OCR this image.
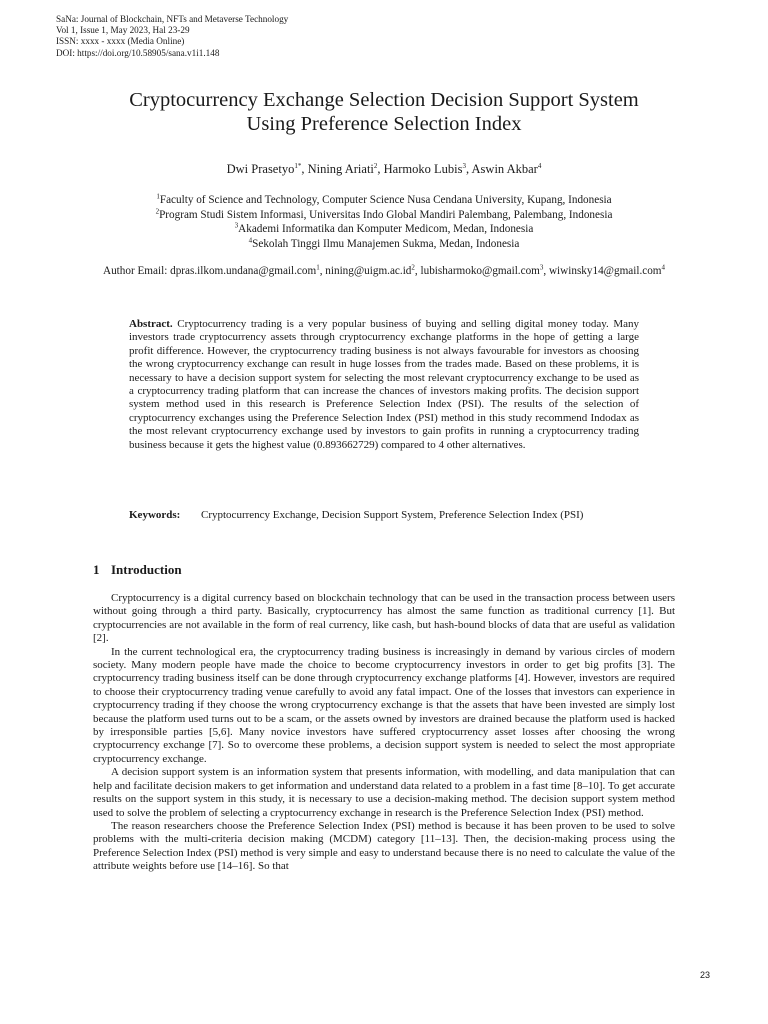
SaNa: Journal of Blockchain, NFTs and Metaverse Technology
Vol 1, Issue 1, May 2023, Hal 23-29
ISSN: xxxx - xxxx (Media Online)
DOI: https://doi.org/10.58905/sana.v1i1.148
Cryptocurrency Exchange Selection Decision Support System
Using Preference Selection Index
Dwi Prasetyo$^{1*}$, Nining Ariati$^2$, Harmoko Lubis$^3$, Aswin Akbar$^4$
$^1$Faculty of Science and Technology, Computer Science Nusa Cendana University, Kupang, Indonesia
$^2$Program Studi Sistem Informasi, Universitas Indo Global Mandiri Palembang, Palembang, Indonesia
$^3$Akademi Informatika dan Komputer Medicom, Medan, Indonesia
$^4$Sekolah Tinggi Ilmu Manajemen Sukma, Medan, Indonesia
Author Email: dpras.ilkom.undana@gmail.com$^1$, $nining@uigm.ac.id^2$, lubisharmoko@gmail.com$^3$, wiwinsky14@gmail.com$^4$
Abstract. Cryptocurrency trading is a very popular business of buying and selling digital money today. Many investors trade cryptocurrency assets through cryptocurrency exchange platforms in the hope of getting a large profit difference. However, the cryptocurrency trading business is not always favourable for investors as choosing the wrong cryptocurrency exchange can result in huge losses from the trades made. Based on these problems, it is necessary to have a decision support system for selecting the most relevant cryptocurrency exchange to be used as a cryptocurrency trading platform that can increase the chances of investors making profits. The decision support system method used in this research is Preference Selection Index (PSI). The results of the selection of cryptocurrency exchanges using the Preference Selection Index (PSI) method in this study recommend Indodax as the most relevant cryptocurrency exchange used by investors to gain profits in running a cryptocurrency trading business because it gets the highest value (0.893662729) compared to 4 other alternatives.
Keywords:	Cryptocurrency Exchange, Decision Support System, Preference Selection Index (PSI)
1 Introduction

Cryptocurrency is a digital currency based on blockchain technology that can be used in the transaction process between users without going through a third party. Basically, cryptocurrency has almost the same function as traditional currency [1]. But cryptocurrencies are not available in the form of real currency, like cash, but hash-bound blocks of data that are useful as validation [2].

In the current technological era, the cryptocurrency trading business is increasingly in demand by various circles of modern society. Many modern people have made the choice to become cryptocurrency investors in order to get big profits [3]. The cryptocurrency trading business itself can be done through cryptocurrency exchange platforms [4]. However, investors are required to choose their cryptocurrency trading venue carefully to avoid any fatal impact. One of the losses that investors can experience in cryptocurrency trading if they choose the wrong cryptocurrency exchange is that the assets that have been invested are simply lost because the platform used turns out to be a scam, or the assets owned by investors are drained because the platform used is hacked by irresponsible parties [5,6]. Many novice investors have suffered cryptocurrency asset losses after choosing the wrong cryptocurrency exchange [7]. So to overcome these problems, a decision support system is needed to select the most appropriate cryptocurrency exchange.

A decision support system is an information system that presents information, with modelling, and data manipulation that can help and facilitate decision makers to get information and understand data related to a problem in a fast time [8–10]. To get accurate results on the support system in this study, it is necessary to use a decision-making method. The decision support system method used to solve the problem of selecting a cryptocurrency exchange in research is the Preference Selection Index (PSI) method.

The reason researchers choose the Preference Selection Index (PSI) method is because it has been proven to be used to solve problems with the multi-criteria decision making (MCDM) category [11–13]. Then, the decision-making process using the Preference Selection Index (PSI) method is very simple and easy to understand because there is no need to calculate the value of the attribute weights before use [14–16]. So that

23
